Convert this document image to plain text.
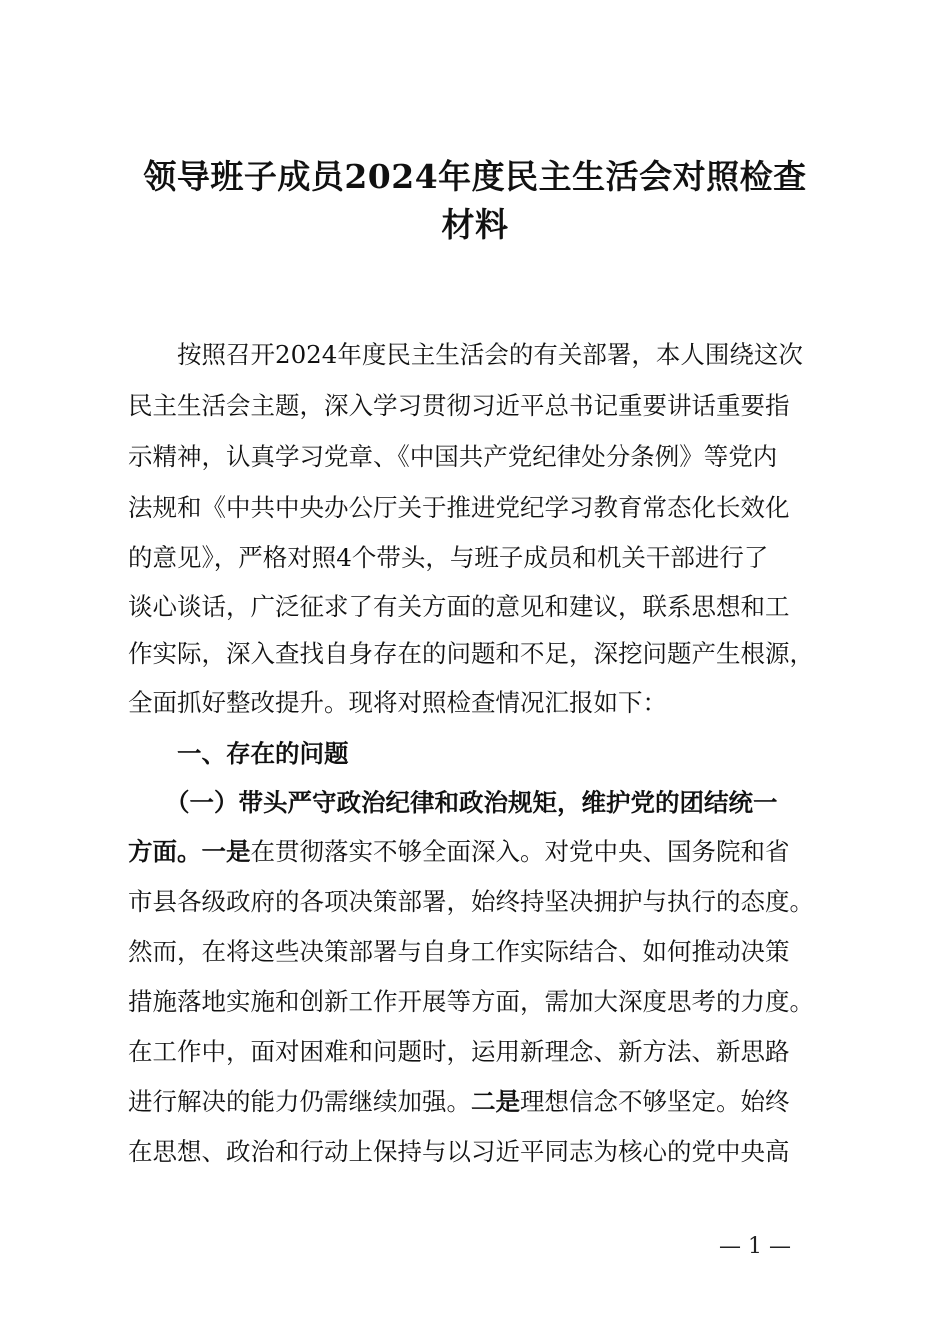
领导班子成员2024年度民主生活会对照检查
材料
按照召开2024年度民主生活会的有关部署，本人围绕这次
民主生活会主题，深入学习贯彻习近平总书记重要讲话重要指
示精神，认真学习党章、《中国共产党纪律处分条例》等党内
法规和《中共中央办公厅关于推进党纪学习教育常态化长效化
的意见》，严格对照4个带头，与班子成员和机关干部进行了
谈心谈话，广泛征求了有关方面的意见和建议，联系思想和工
作实际，深入查找自身存在的问题和不足，深挖问题产生根源，
全面抓好整改提升。现将对照检查情况汇报如下：
一、存在的问题
（一）带头严守政治纪律和政治规矩，维护党的团结统一
方面。一是在贯彻落实不够全面深入。对党中央、国务院和省
市县各级政府的各项决策部署，始终持坚决拥护与执行的态度。
然而，在将这些决策部署与自身工作实际结合、如何推动决策
措施落地实施和创新工作开展等方面，需加大深度思考的力度。
在工作中，面对困难和问题时，运用新理念、新方法、新思路
进行解决的能力仍需继续加强。二是理想信念不够坚定。始终
在思想、政治和行动上保持与以习近平同志为核心的党中央高
— 1 —
